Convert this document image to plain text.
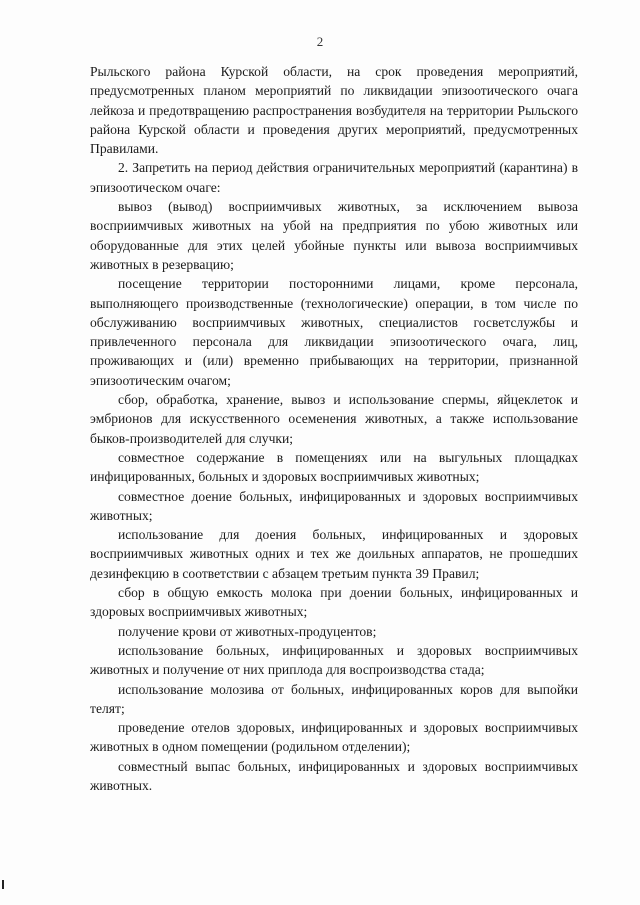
2

Рыльского района Курской области, на срок проведения мероприятий, предусмотренных планом мероприятий по ликвидации эпизоотического очага лейкоза и предотвращению распространения возбудителя на территории Рыльского района Курской области и проведения других мероприятий, предусмотренных Правилами.

2. Запретить на период действия ограничительных мероприятий (карантина) в эпизоотическом очаге:

вывоз (вывод) восприимчивых животных, за исключением вывоза восприимчивых животных на убой на предприятия по убою животных или оборудованные для этих целей убойные пункты или вывоза восприимчивых животных в резервацию;

посещение территории посторонними лицами, кроме персонала, выполняющего производственные (технологические) операции, в том числе по обслуживанию восприимчивых животных, специалистов госветслужбы и привлеченного персонала для ликвидации эпизоотического очага, лиц, проживающих и (или) временно прибывающих на территории, признанной эпизоотическим очагом;

сбор, обработка, хранение, вывоз и использование спермы, яйцеклеток и эмбрионов для искусственного осеменения животных, а также использование быков-производителей для случки;

совместное содержание в помещениях или на выгульных площадках инфицированных, больных и здоровых восприимчивых животных;

совместное доение больных, инфицированных и здоровых восприимчивых животных;

использование для доения больных, инфицированных и здоровых восприимчивых животных одних и тех же доильных аппаратов, не прошедших дезинфекцию в соответствии с абзацем третьим пункта 39 Правил;

сбор в общую емкость молока при доении больных, инфицированных и здоровых восприимчивых животных;

получение крови от животных-продуцентов;

использование больных, инфицированных и здоровых восприимчивых животных и получение от них приплода для воспроизводства стада;

использование молозива от больных, инфицированных коров для выпойки телят;

проведение отелов здоровых, инфицированных и здоровых восприимчивых животных в одном помещении (родильном отделении);

совместный выпас больных, инфицированных и здоровых восприимчивых животных.
